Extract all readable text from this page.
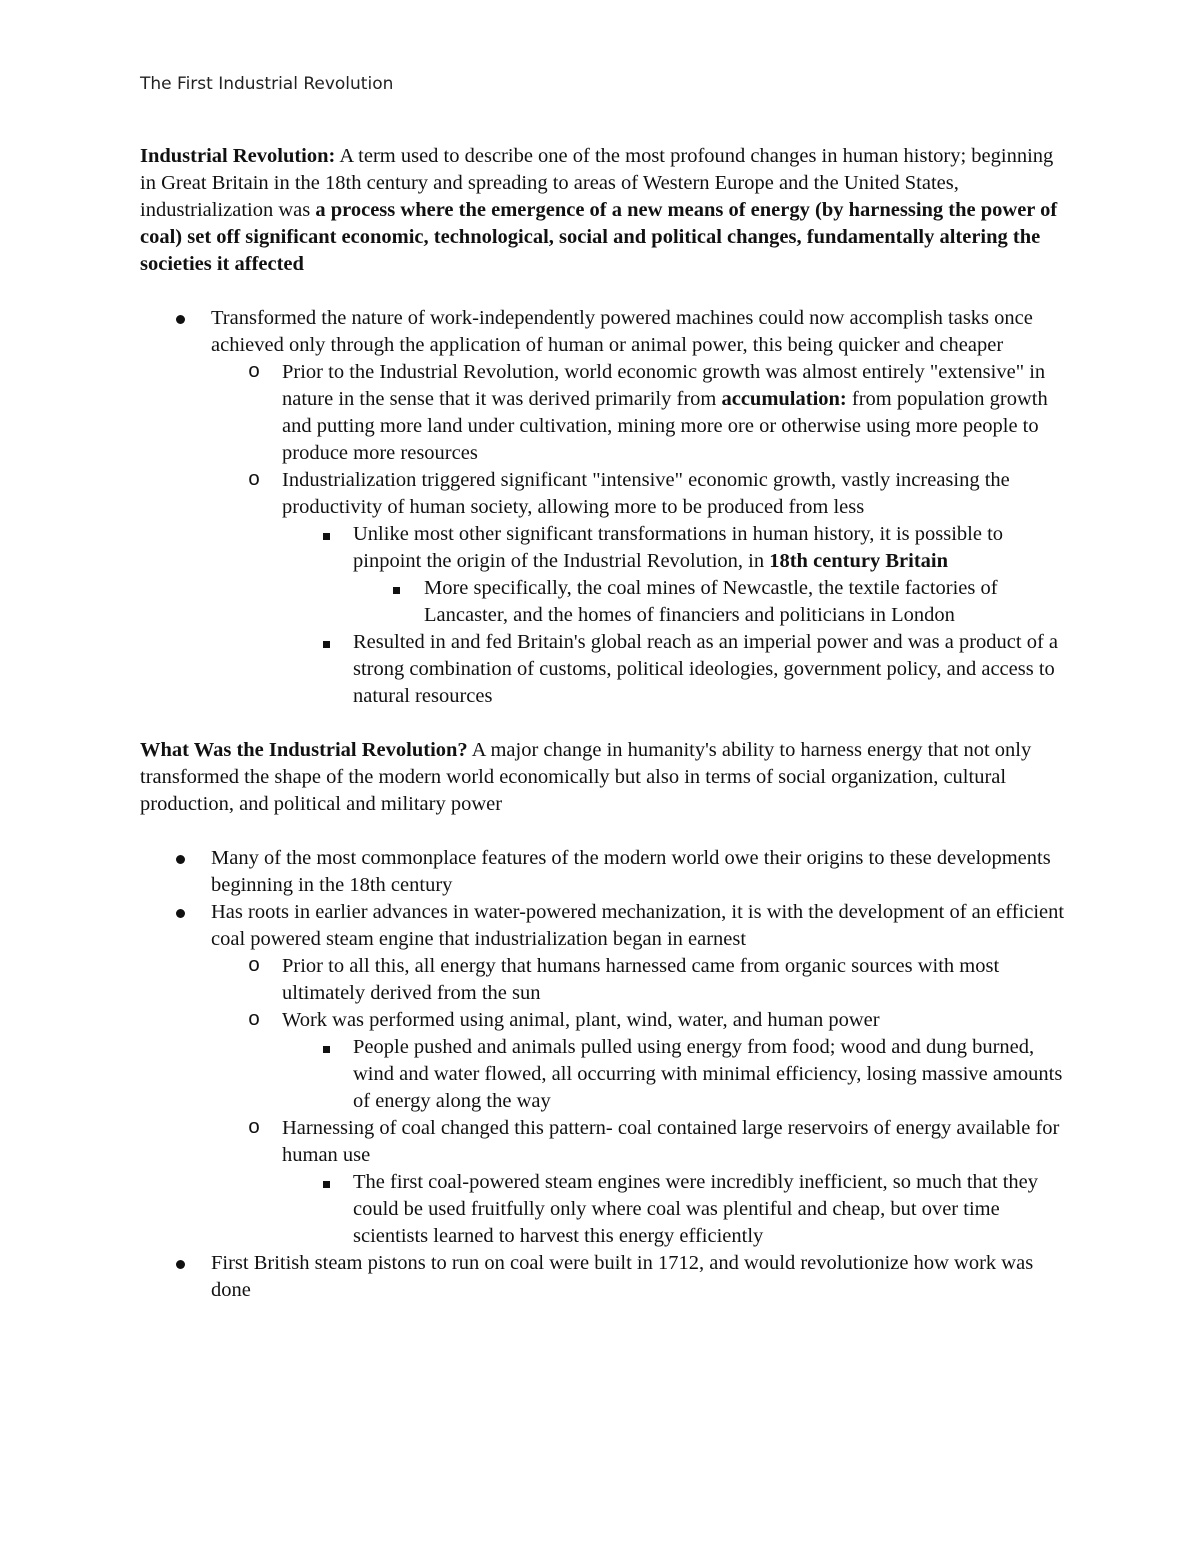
The First Industrial Revolution

Industrial Revolution: A term used to describe one of the most profound changes in human history; beginning in Great Britain in the 18th century and spreading to areas of Western Europe and the United States, industrialization was a process where the emergence of a new means of energy (by harnessing the power of coal) set off significant economic, technological, social and political changes, fundamentally altering the societies it affected

Transformed the nature of work-independently powered machines could now accomplish tasks once achieved only through the application of human or animal power, this being quicker and cheaper
o Prior to the Industrial Revolution, world economic growth was almost entirely "extensive" in nature in the sense that it was derived primarily from accumulation: from population growth and putting more land under cultivation, mining more ore or otherwise using more people to produce more resources
o Industrialization triggered significant "intensive" economic growth, vastly increasing the productivity of human society, allowing more to be produced from less
Unlike most other significant transformations in human history, it is possible to pinpoint the origin of the Industrial Revolution, in 18th century Britain
More specifically, the coal mines of Newcastle, the textile factories of Lancaster, and the homes of financiers and politicians in London
Resulted in and fed Britain's global reach as an imperial power and was a product of a strong combination of customs, political ideologies, government policy, and access to natural resources

What Was the Industrial Revolution? A major change in humanity's ability to harness energy that not only transformed the shape of the modern world economically but also in terms of social organization, cultural production, and political and military power

Many of the most commonplace features of the modern world owe their origins to these developments beginning in the 18th century
Has roots in earlier advances in water-powered mechanization, it is with the development of an efficient coal powered steam engine that industrialization began in earnest
o Prior to all this, all energy that humans harnessed came from organic sources with most ultimately derived from the sun
o Work was performed using animal, plant, wind, water, and human power
People pushed and animals pulled using energy from food; wood and dung burned, wind and water flowed, all occurring with minimal efficiency, losing massive amounts of energy along the way
o Harnessing of coal changed this pattern- coal contained large reservoirs of energy available for human use
The first coal-powered steam engines were incredibly inefficient, so much that they could be used fruitfully only where coal was plentiful and cheap, but over time scientists learned to harvest this energy efficiently
First British steam pistons to run on coal were built in 1712, and would revolutionize how work was done
